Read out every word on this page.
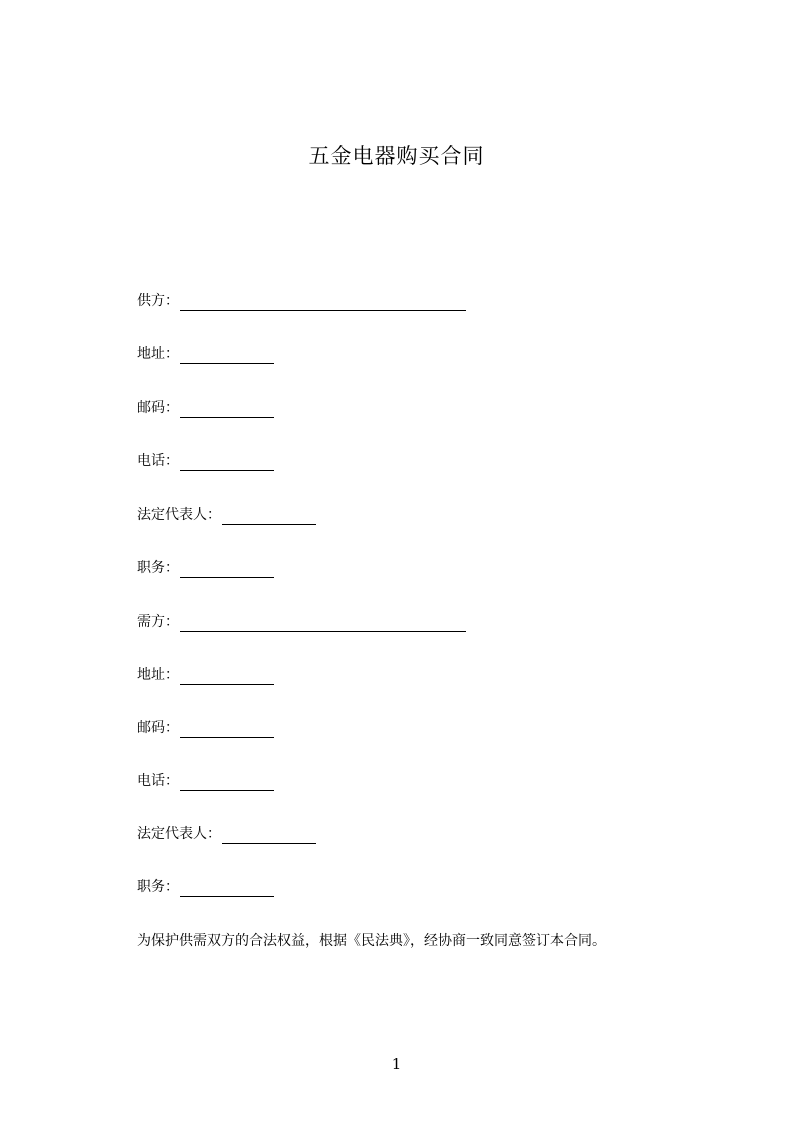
五金电器购买合同
供方：
地址：
邮码：
电话：
法定代表人：
职务：
需方：
地址：
邮码：
电话：
法定代表人：
职务：
为保护供需双方的合法权益，根据《民法典》，经协商一致同意签订本合同。
1
